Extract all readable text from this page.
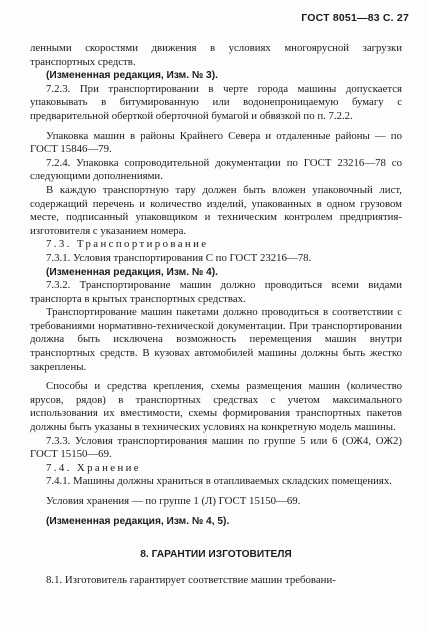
ГОСТ 8051—83 С. 27

ленными скоростями движения в условиях многоярусной загрузки транспортных средств.

(Измененная редакция, Изм. № 3).

7.2.3. При транспортировании в черте города машины допускается упаковывать в битумированную или водонепроницаемую бумагу с предварительной оберткой оберточной бумагой и обвязкой по п. 7.2.2.

Упаковка машин в районы Крайнего Севера и отдаленные районы — по ГОСТ 15846—79.

7.2.4. Упаковка сопроводительной документации по ГОСТ 23216—78 со следующими дополнениями.

В каждую транспортную тару должен быть вложен упаковочный лист, содержащий перечень и количество изделий, упакованных в одном грузовом месте, подписанный упаковщиком и техническим контролем предприятия-изготовителя с указанием номера.

7.3. Транспортирование

7.3.1. Условия транспортирования С по ГОСТ 23216—78.

(Измененная редакция, Изм. № 4).

7.3.2. Транспортирование машин должно проводиться всеми видами транспорта в крытых транспортных средствах.

Транспортирование машин пакетами должно проводиться в соответствии с требованиями нормативно-технической документации. При транспортировании должна быть исключена возможность перемещения машин внутри транспортных средств. В кузовах автомобилей машины должны быть жестко закреплены.

Способы и средства крепления, схемы размещения машин (количество ярусов, рядов) в транспортных средствах с учетом максимального использования их вместимости, схемы формирования транспортных пакетов должны быть указаны в технических условиях на конкретную модель машины.

7.3.3. Условия транспортирования машин по группе 5 или 6 (ОЖ4, ОЖ2) ГОСТ 15150—69.

7.4. Хранение

7.4.1. Машины должны храниться в отапливаемых складских помещениях.

Условия хранения — по группе 1 (Л) ГОСТ 15150—69.

(Измененная редакция, Изм. № 4, 5).

8. ГАРАНТИИ ИЗГОТОВИТЕЛЯ

8.1. Изготовитель гарантирует соответствие машин требовани-
